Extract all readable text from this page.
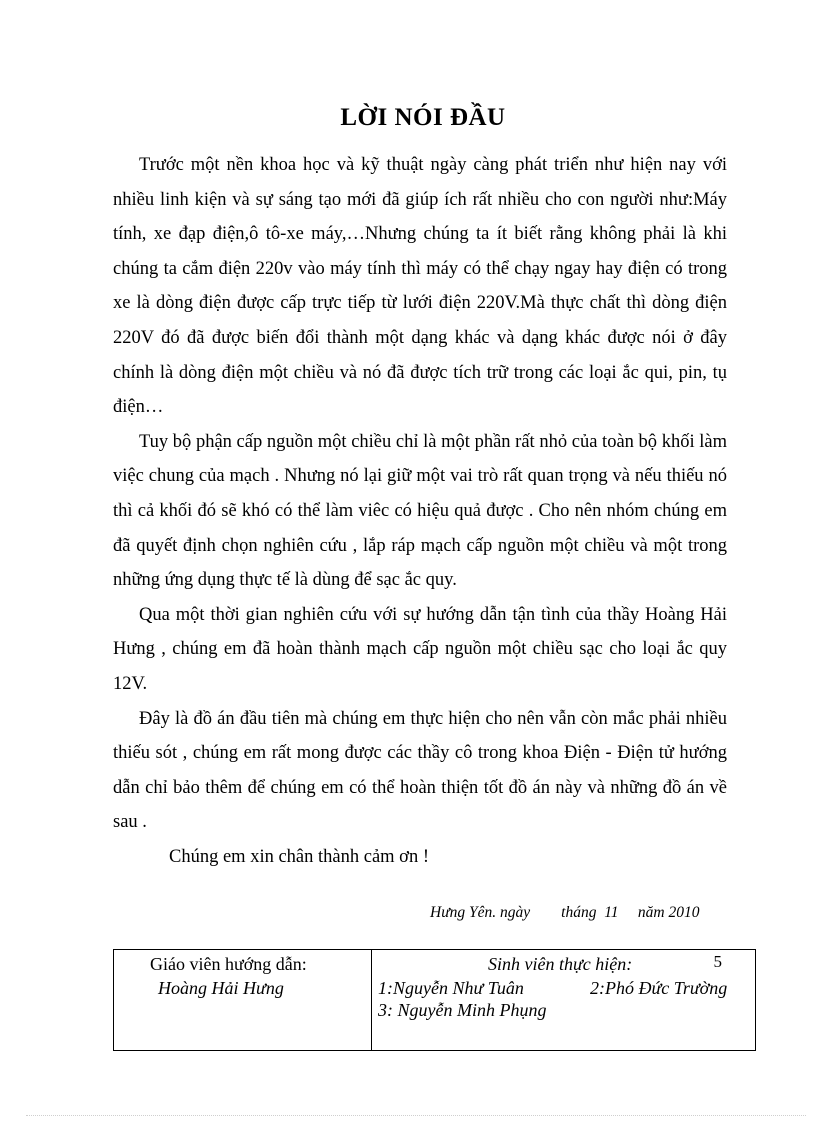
LỜI NÓI ĐẦU

Trước một nền khoa học và kỹ thuật ngày càng phát triển như hiện nay với nhiều linh kiện và sự sáng tạo mới đã giúp ích rất nhiều cho con người như:Máy tính, xe đạp điện,ô tô-xe máy,…Nhưng chúng ta ít biết rằng không phải là khi chúng ta cắm điện 220v vào máy tính thì máy có thể chạy ngay hay điện có trong xe là dòng điện được cấp trực tiếp từ lưới điện 220V.Mà thực chất thì dòng điện 220V đó đã được biến đổi thành một dạng khác và dạng khác được nói ở đây chính là dòng điện một chiều và nó đã được tích trữ trong các loại ắc qui, pin, tụ điện…

Tuy bộ phận cấp nguồn một chiều chỉ là một phần rất nhỏ của toàn bộ khối làm việc chung của mạch . Nhưng nó lại giữ một vai trò rất quan trọng và nếu thiếu nó thì cả khối đó sẽ khó có thể làm viêc có hiệu quả được . Cho nên nhóm chúng em đã quyết định chọn nghiên cứu , lắp ráp mạch cấp nguồn một chiều và một trong những ứng dụng thực tế là dùng để sạc ắc quy.

Qua một thời gian nghiên cứu với sự hướng dẫn tận tình của thầy Hoàng Hải Hưng , chúng em đã hoàn thành mạch cấp nguồn một chiều sạc cho loại ắc quy 12V.

Đây là đồ án đầu tiên mà chúng em thực hiện cho nên vẫn còn mắc phải nhiều thiếu sót , chúng em rất mong được các thầy cô trong khoa Điện - Điện tử hướng dẫn chỉ bảo thêm để chúng em có thể hoàn thiện tốt đồ án này và những đồ án về sau .

Chúng em xin chân thành cảm ơn !

Hưng Yên. ngày        tháng  11     năm 2010
Giáo viên hướng dẫn:
Hoàng Hải Hưng
Sinh viên thực hiện:	5
1:Nguyễn Như Tuân	2:Phó Đức Trường
3: Nguyễn Minh Phụng
